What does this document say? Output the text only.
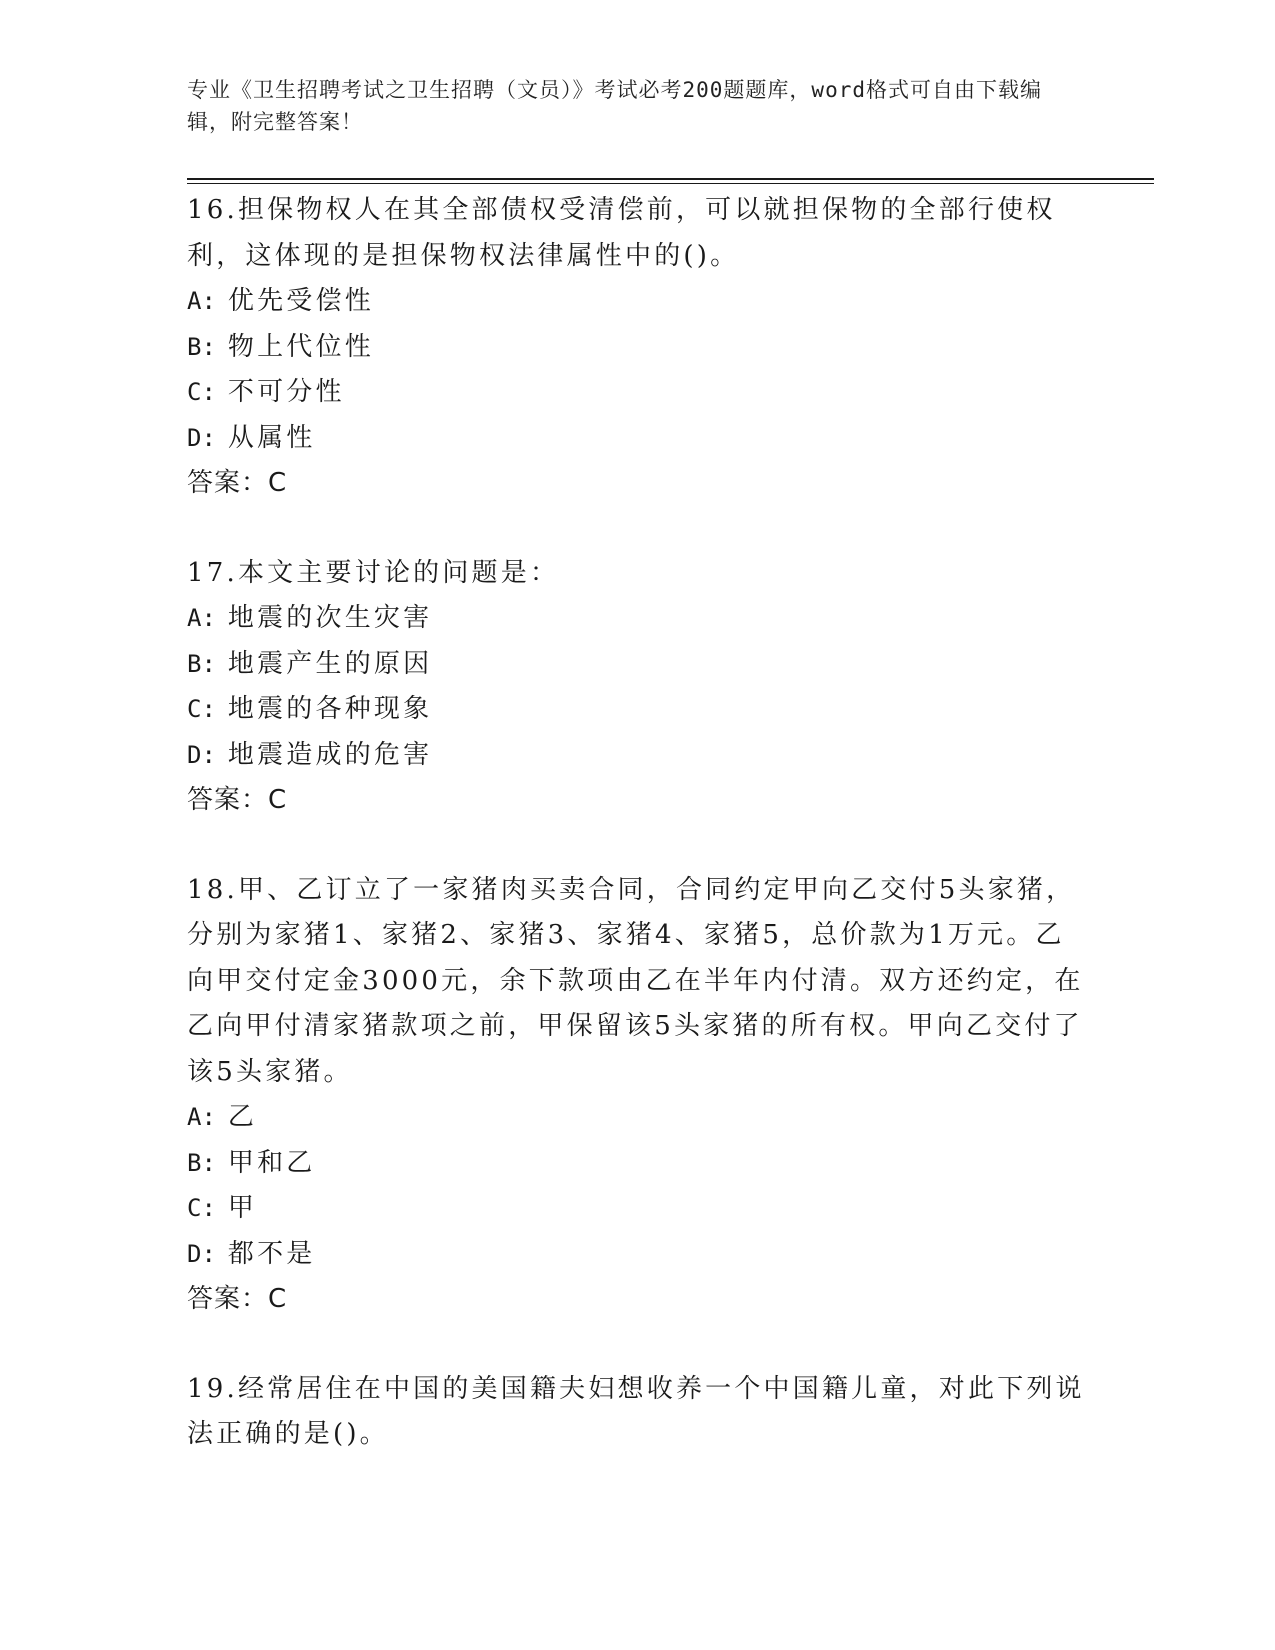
专业《卫生招聘考试之卫生招聘（文员）》考试必考200题题库，word格式可自由下载编辑，附完整答案！

16.担保物权人在其全部债权受清偿前，可以就担保物的全部行使权利，这体现的是担保物权法律属性中的()。

A: 优先受偿性

B: 物上代位性

C: 不可分性

D: 从属性

答案：C

17.本文主要讨论的问题是：

A: 地震的次生灾害

B: 地震产生的原因

C: 地震的各种现象

D: 地震造成的危害

答案：C

18.甲、乙订立了一家猪肉买卖合同，合同约定甲向乙交付5头家猪，分别为家猪1、家猪2、家猪3、家猪4、家猪5，总价款为1万元。乙向甲交付定金3000元，余下款项由乙在半年内付清。双方还约定，在乙向甲付清家猪款项之前，甲保留该5头家猪的所有权。甲向乙交付了该5头家猪。

A: 乙

B: 甲和乙

C: 甲

D: 都不是

答案：C

19.经常居住在中国的美国籍夫妇想收养一个中国籍儿童，对此下列说法正确的是()。
